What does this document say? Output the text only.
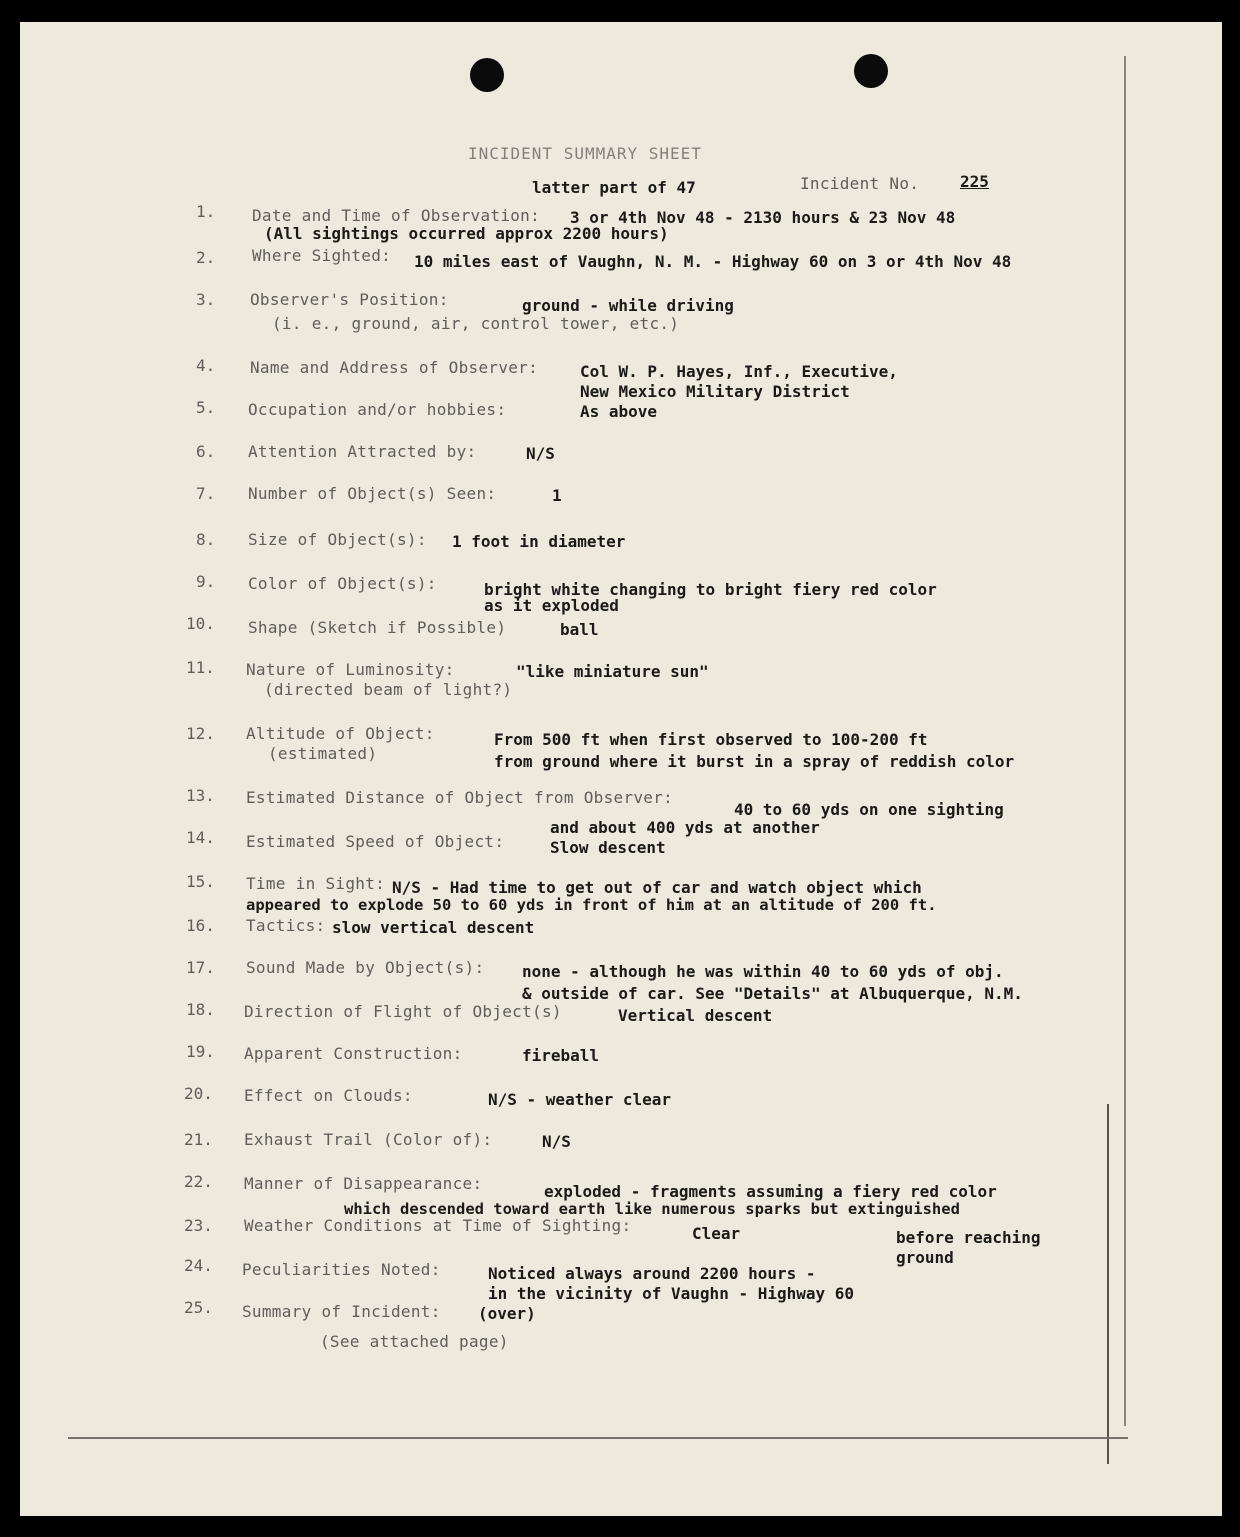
INCIDENT SUMMARY SHEET
Incident No.	225
latter part of 47
1. Date and Time of Observation: 3 or 4th Nov 48 - 2130 hours & 23 Nov 48
(All sightings occurred approx 2200 hours)
2. Where Sighted: 10 miles east of Vaughn, N. M. - Highway 60 on 3 or 4th Nov 48
3. Observer's Position:	ground - while driving
(i. e., ground, air, control tower, etc.)
4. Name and Address of Observer:	Col W. P. Hayes, Inf., Executive,
New Mexico Military District
5. Occupation and/or hobbies:	As above
6. Attention Attracted by:	N/S
7. Number of Object(s) Seen:	1
8. Size of Object(s): 1 foot in diameter
9. Color of Object(s):	bright white changing to bright fiery red color
as it exploded
10. Shape (Sketch if Possible)	ball
11. Nature of Luminosity:	"like miniature sun"
(directed beam of light?)
12. Altitude of Object:	From 500 ft when first observed to 100-200 ft
from ground where it burst in a spray of reddish color
(estimated)
13. Estimated Distance of Object from Observer:
40 to 60 yds on one sighting
and about 400 yds at another
14. Estimated Speed of Object:	Slow descent
15. Time in Sight: N/S - Had time to get out of car and watch object which
appeared to explode 50 to 60 yds in front of him at an altitude of 200 ft.
16. Tactics: slow vertical descent
17. Sound Made by Object(s): none - although he was within 40 to 60 yds of obj.
& outside of car. See "Details" at Albuquerque, N.M.
18. Direction of Flight of Object(s)	Vertical descent
19. Apparent Construction:	fireball
20. Effect on Clouds:	N/S - weather clear
21. Exhaust Trail (Color of):	N/S
22. Manner of Disappearance:	exploded - fragments assuming a fiery red color
which descended toward earth like numerous sparks but extinguished
23. Weather Conditions at Time of Sighting:	Clear	before reaching
ground
24. Peculiarities Noted:	Noticed always around 2200 hours -
in the vicinity of Vaughn - Highway 60
25. Summary of Incident: (over)
(See attached page)
